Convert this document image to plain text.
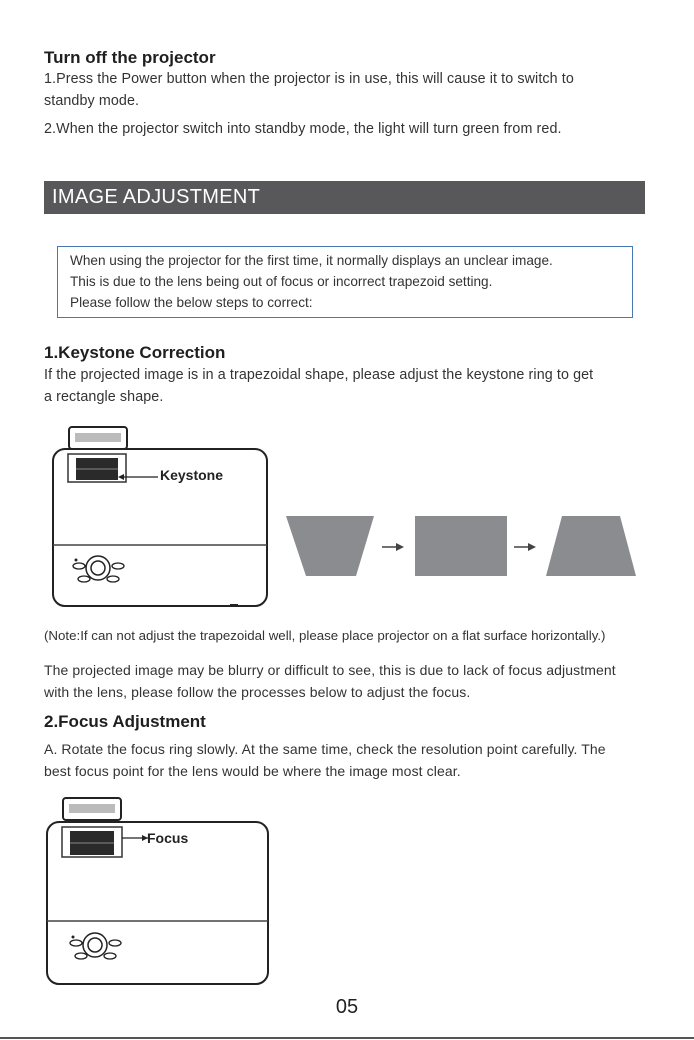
Turn off the projector
1.Press the Power button when the projector is in use, this will cause it to switch to
standby mode.
2.When the projector switch into standby mode, the light will turn green from red.
IMAGE ADJUSTMENT
When using the projector for the first time, it normally displays an unclear image.
This is due to the lens being out of focus or incorrect trapezoid setting.
Please follow the below steps to correct:
1.Keystone Correction
If the projected image is in a trapezoidal shape, please adjust the keystone ring to get
a rectangle shape.
Keystone
(Note:If can not adjust the trapezoidal well, please place projector on a flat surface horizontally.)
The projected image may be blurry or difficult to see, this is due to lack of focus adjustment
with the lens, please follow the processes below to adjust the focus.
2.Focus Adjustment
A. Rotate the focus ring slowly. At the same time, check the resolution point carefully. The
best focus point for the lens would be where the image most clear.
Focus
05
